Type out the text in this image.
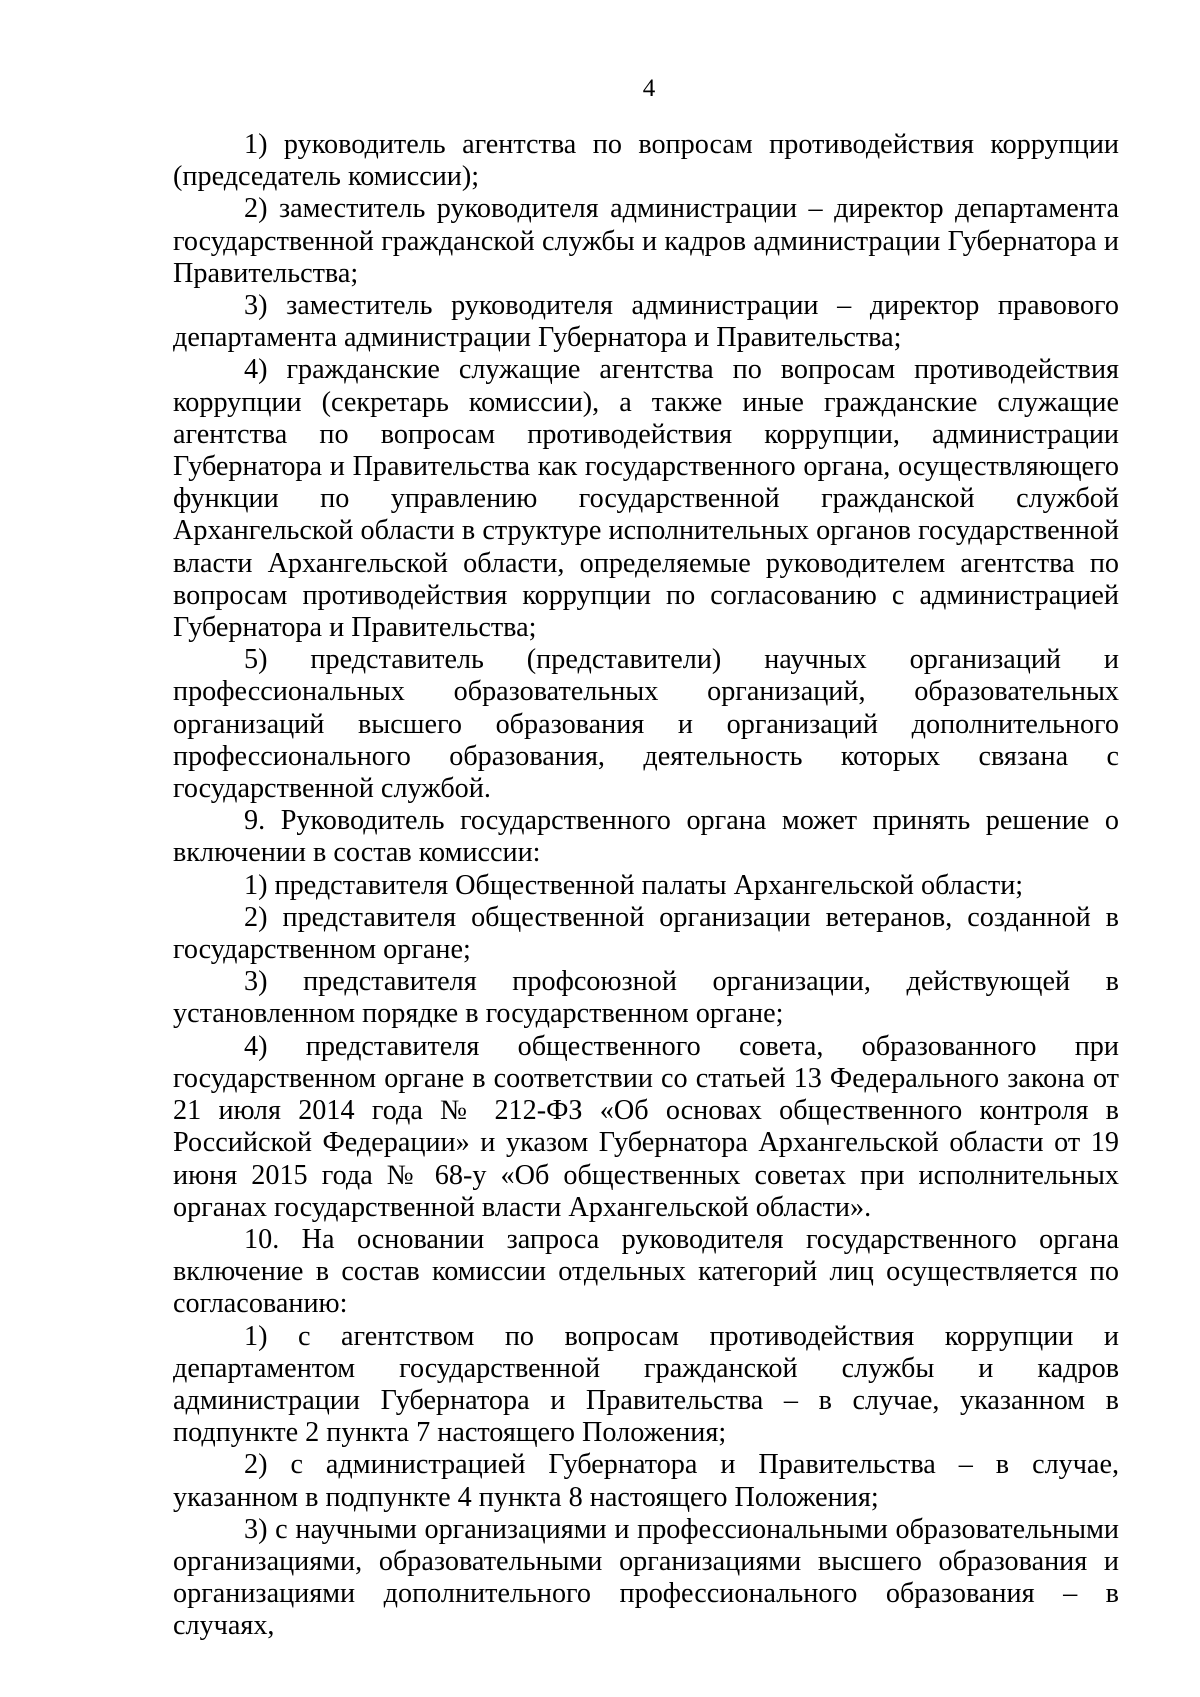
4

1) руководитель агентства по вопросам противодействия коррупции (председатель комиссии);

2) заместитель руководителя администрации – директор департамента государственной гражданской службы и кадров администрации Губернатора и Правительства;

3) заместитель руководителя администрации – директор правового департамента администрации Губернатора и Правительства;

4) гражданские служащие агентства по вопросам противодействия коррупции (секретарь комиссии), а также иные гражданские служащие агентства по вопросам противодействия коррупции, администрации Губернатора и Правительства как государственного органа, осуществляющего функции по управлению государственной гражданской службой Архангельской области в структуре исполнительных органов государственной власти Архангельской области, определяемые руководителем агентства по вопросам противодействия коррупции по согласованию с администрацией Губернатора и Правительства;

5) представитель (представители) научных организаций и профессиональных образовательных организаций, образовательных организаций высшего образования и организаций дополнительного профессионального образования, деятельность которых связана с государственной службой.

9. Руководитель государственного органа может принять решение о включении в состав комиссии:

1) представителя Общественной палаты Архангельской области;

2) представителя общественной организации ветеранов, созданной в государственном органе;

3) представителя профсоюзной организации, действующей в установленном порядке в государственном органе;

4) представителя общественного совета, образованного при государственном органе в соответствии со статьей 13 Федерального закона от 21 июля 2014 года № 212-ФЗ «Об основах общественного контроля в Российской Федерации» и указом Губернатора Архангельской области от 19 июня 2015 года № 68-у «Об общественных советах при исполнительных органах государственной власти Архангельской области».

10. На основании запроса руководителя государственного органа включение в состав комиссии отдельных категорий лиц осуществляется по согласованию:

1) с агентством по вопросам противодействия коррупции и департаментом государственной гражданской службы и кадров администрации Губернатора и Правительства – в случае, указанном в подпункте 2 пункта 7 настоящего Положения;

2) с администрацией Губернатора и Правительства – в случае, указанном в подпункте 4 пункта 8 настоящего Положения;

3) с научными организациями и профессиональными образовательными организациями, образовательными организациями высшего образования и организациями дополнительного профессионального образования – в случаях,
